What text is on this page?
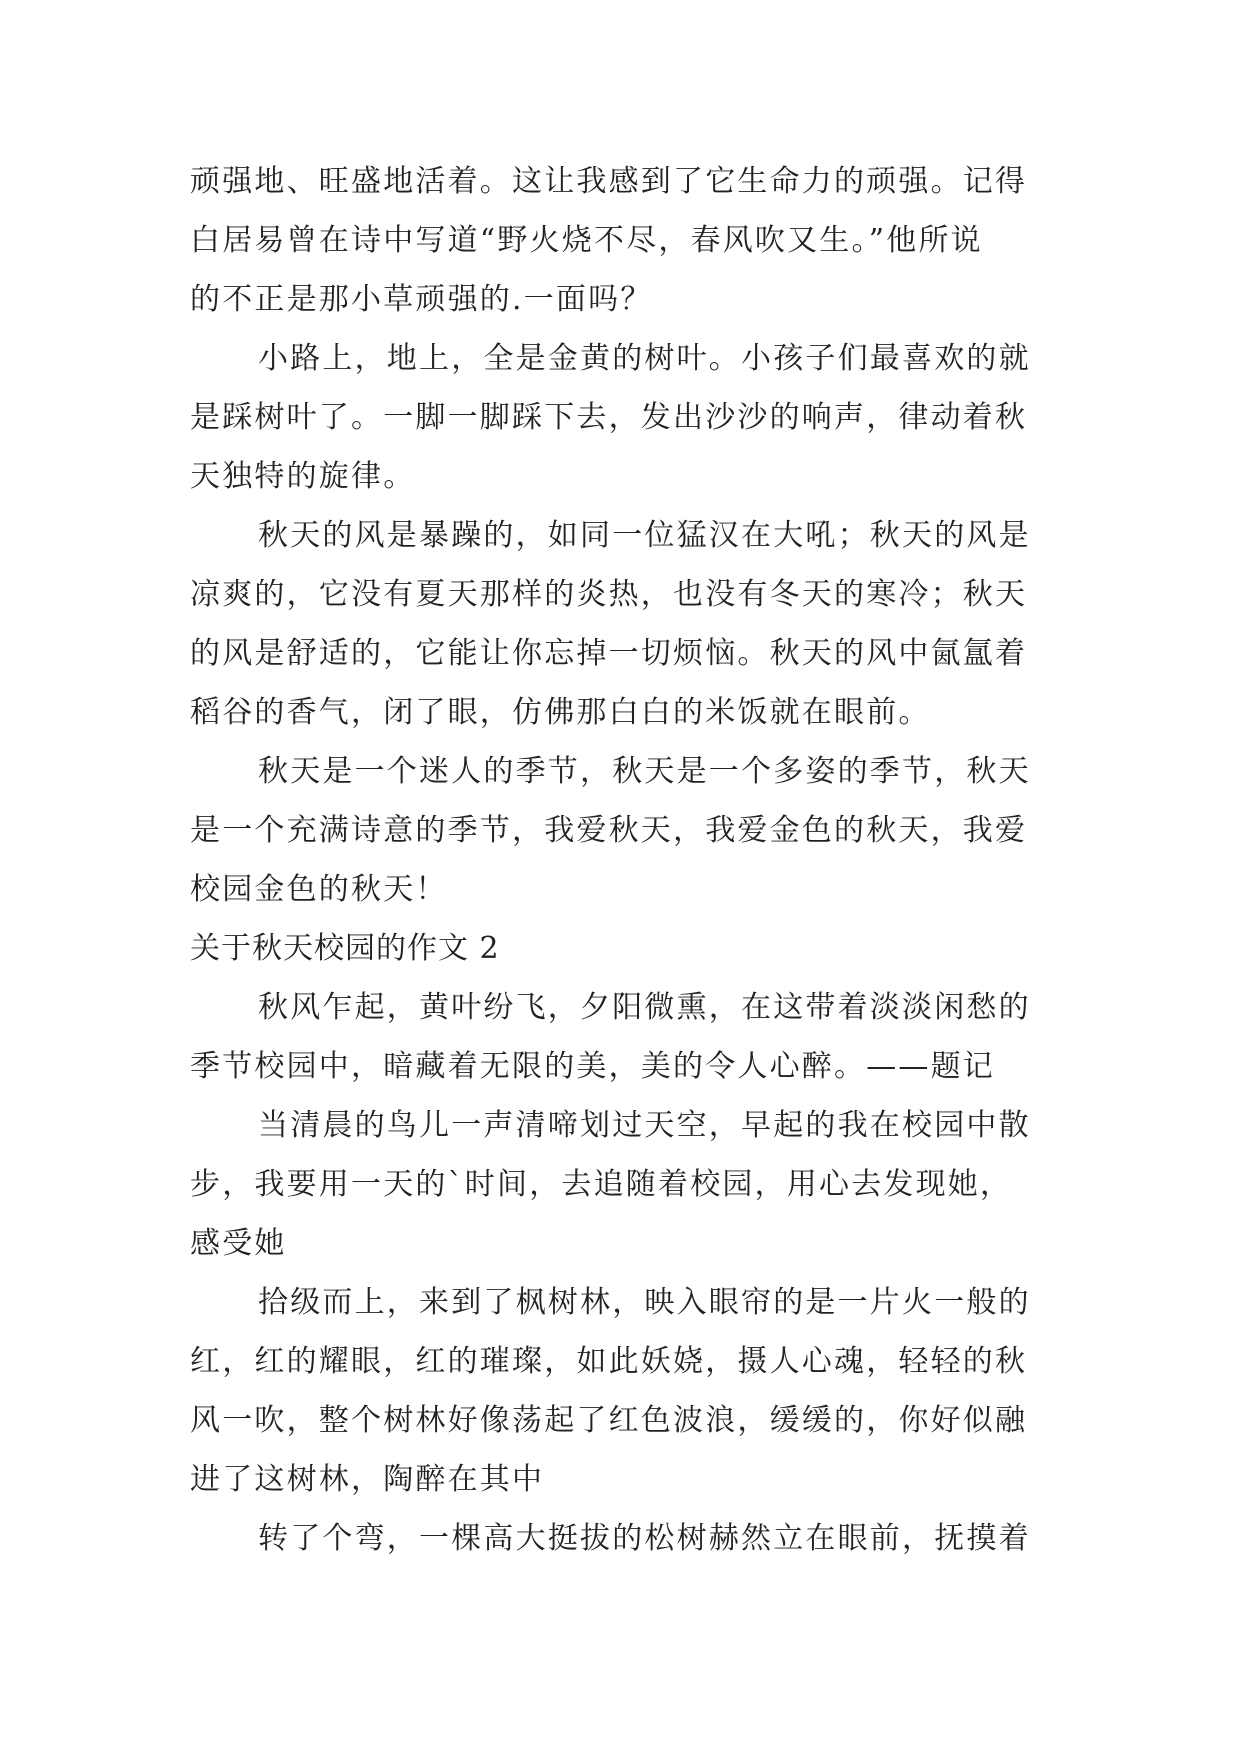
顽强地、旺盛地活着。这让我感到了它生命力的顽强。记得
白居易曾在诗中写道“野火烧不尽，春风吹又生。”他所说
的不正是那小草顽强的.一面吗？
小路上，地上，全是金黄的树叶。小孩子们最喜欢的就
是踩树叶了。一脚一脚踩下去，发出沙沙的响声，律动着秋
天独特的旋律。
秋天的风是暴躁的，如同一位猛汉在大吼；秋天的风是
凉爽的，它没有夏天那样的炎热，也没有冬天的寒冷；秋天
的风是舒适的，它能让你忘掉一切烦恼。秋天的风中氤氲着
稻谷的香气，闭了眼，仿佛那白白的米饭就在眼前。
秋天是一个迷人的季节，秋天是一个多姿的季节，秋天
是一个充满诗意的季节，我爱秋天，我爱金色的秋天，我爱
校园金色的秋天！
关于秋天校园的作文 2
秋风乍起，黄叶纷飞，夕阳微熏，在这带着淡淡闲愁的
季节校园中，暗藏着无限的美，美的令人心醉。——题记
当清晨的鸟儿一声清啼划过天空，早起的我在校园中散
步，我要用一天的`时间，去追随着校园，用心去发现她，
感受她
拾级而上，来到了枫树林，映入眼帘的是一片火一般的
红，红的耀眼，红的璀璨，如此妖娆，摄人心魂，轻轻的秋
风一吹，整个树林好像荡起了红色波浪，缓缓的，你好似融
进了这树林，陶醉在其中
转了个弯，一棵高大挺拔的松树赫然立在眼前，抚摸着
